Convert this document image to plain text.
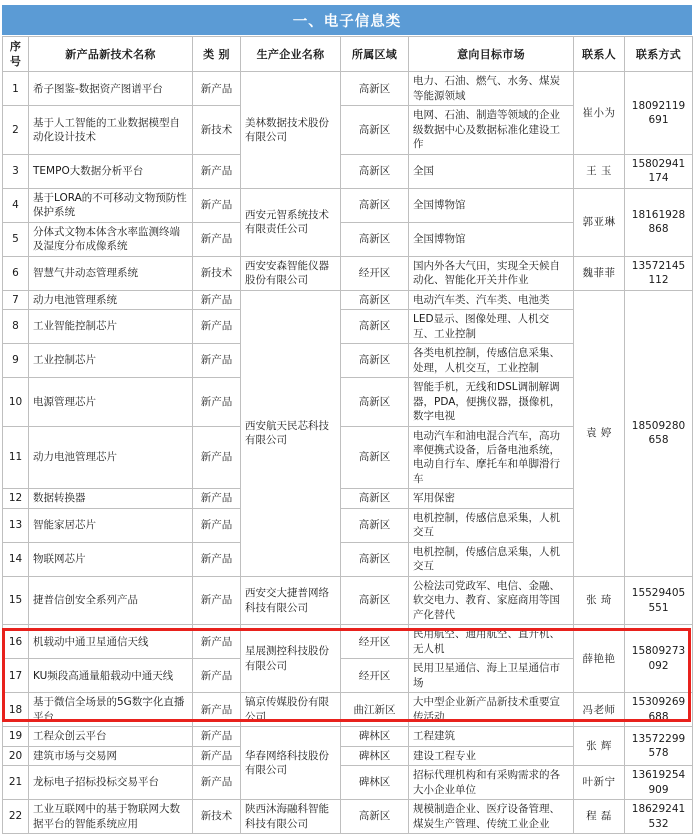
一、电子信息类
序号	新产品新技术名称	类 别	生产企业名称	所属区域	意向目标市场	联系人	联系方式
1	希子图鉴-数据资产图谱平台	新产品	美林数据技术股份有限公司	高新区	电力、石油、燃气、水务、煤炭等能源领域	崔小为	18092119691
2	基于人工智能的工业数据模型自动化设计技术	新技术		高新区	电网、石油、制造等领域的企业级数据中心及数据标准化建设工作		
3	TEMPO大数据分析平台	新产品		高新区	全国	王 玉	15802941174
4	基于LORA的不可移动文物预防性保护系统	新产品	西安元智系统技术有限责任公司	高新区	全国博物馆	郭亚琳	18161928868
5	分体式文物本体含水率监测终端及湿度分布成像系统	新产品		高新区	全国博物馆		
6	智慧气井动态管理系统	新技术	西安安森智能仪器股份有限公司	经开区	国内外各大气田，实现全天候自动化、智能化开关井作业	魏菲菲	13572145112
7	动力电池管理系统	新产品	西安航天民芯科技有限公司	高新区	电动汽车类、汽车类、电池类	袁 婷	18509280658
8	工业智能控制芯片	新产品		高新区	LED显示、图像处理、人机交互、工业控制		
9	工业控制芯片	新产品		高新区	各类电机控制，传感信息采集、处理，人机交互，工业控制		
10	电源管理芯片	新产品		高新区	智能手机，无线和DSL调制解调器，PDA，便携仪器，摄像机，数字电视		
11	动力电池管理芯片	新产品		高新区	电动汽车和油电混合汽车，高功率便携式设备，后备电池系统，电动自行车、摩托车和单脚滑行车		
12	数据转换器	新产品		高新区	军用保密		
13	智能家居芯片	新产品		高新区	电机控制，传感信息采集，人机交互		
14	物联网芯片	新产品		高新区	电机控制，传感信息采集，人机交互		
15	捷普信创安全系列产品	新产品	西安交大捷普网络科技有限公司	高新区	公检法司党政军、电信、金融、软交电力、教育、家庭商用等国产化替代	张 琦	15529405551
16	机载动中通卫星通信天线	新产品	星展测控科技股份有限公司	经开区	民用航空、通用航空、直升机、无人机	薛艳艳	15809273092
17	KU频段高通量船载动中通天线	新产品		经开区	民用卫星通信、海上卫星通信市场		
18	基于微信全场景的5G数字化直播平台	新产品	镐京传媒股份有限公司	曲江新区	大中型企业新产品新技术重要宣传活动	冯老师	15309269688
19	工程众创云平台	新产品	华春网络科技股份有限公司	碑林区	工程建筑	张 辉	13572299578
20	建筑市场与交易网	新产品		碑林区	建设工程专业		
21	龙标电子招标投标交易平台	新产品		碑林区	招标代理机构和有采购需求的各大小企业单位	叶新宁	13619254909
22	工业互联网中的基于物联网大数据平台的智能系统应用	新技术	陕西沐海融科智能科技有限公司	高新区	规模制造企业、医疗设备管理、煤炭生产管理、传统工业企业	程 磊	18629241532
